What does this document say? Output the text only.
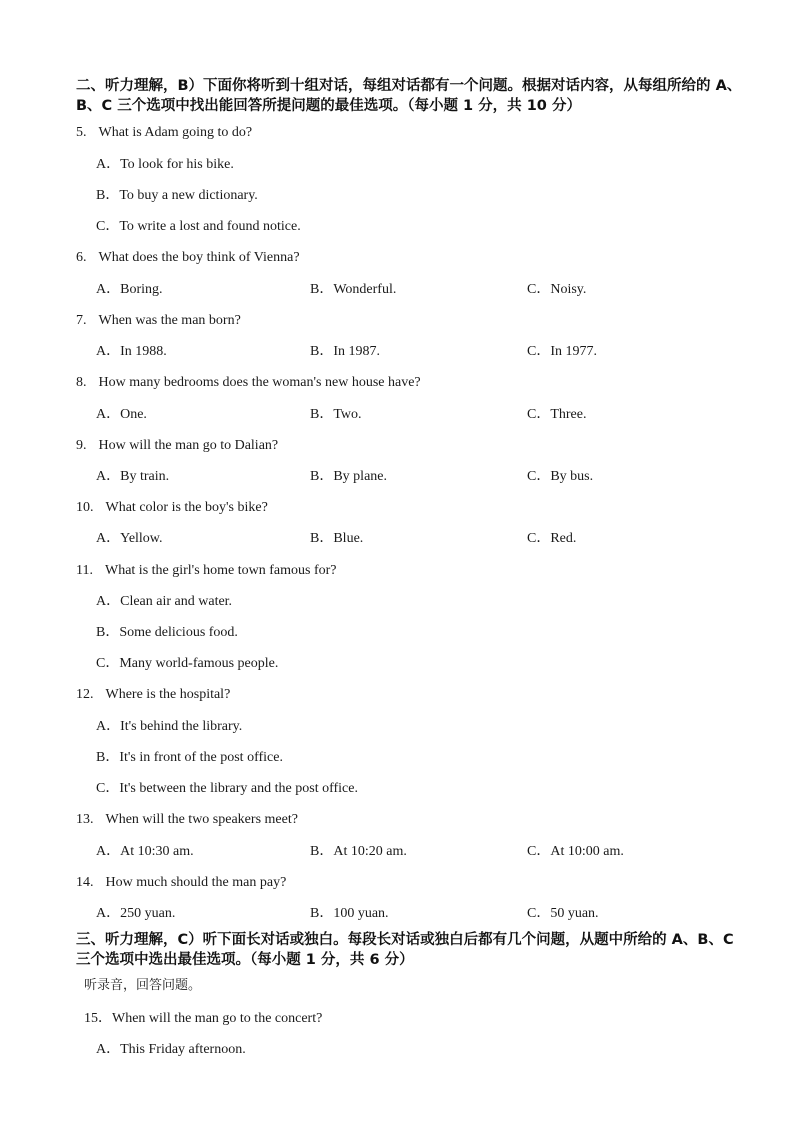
二、听力理解，B）下面你将听到十组对话，每组对话都有一个问题。根据对话内容，从每组所给的 A、B、C 三个选项中找出能回答所提问题的最佳选项。（每小题 1 分，共 10 分）
5. What is Adam going to do?
A．To look for his bike.
B．To buy a new dictionary.
C．To write a lost and found notice.
6. What does the boy think of Vienna?
A．Boring.	B．Wonderful.	C．Noisy.
7. When was the man born?
A．In 1988.	B．In 1987.	C．In 1977.
8. How many bedrooms does the woman's new house have?
A．One.	B．Two.	C．Three.
9. How will the man go to Dalian?
A．By train.	B．By plane.	C．By bus.
10. What color is the boy's bike?
A．Yellow.	B．Blue.	C．Red.
11. What is the girl's home town famous for?
A．Clean air and water.
B．Some delicious food.
C．Many world-famous people.
12. Where is the hospital?
A．It's behind the library.
B．It's in front of the post office.
C．It's between the library and the post office.
13. When will the two speakers meet?
A．At 10:30 am.	B．At 10:20 am.	C．At 10:00 am.
14. How much should the man pay?
A．250 yuan.	B．100 yuan.	C．50 yuan.
三、听力理解，C）听下面长对话或独白。每段长对话或独白后都有几个问题，从题中所给的 A、B、C 三个选项中选出最佳选项。（每小题 1 分，共 6 分）
听录音，回答问题。
15．When will the man go to the concert?
A．This Friday afternoon.
